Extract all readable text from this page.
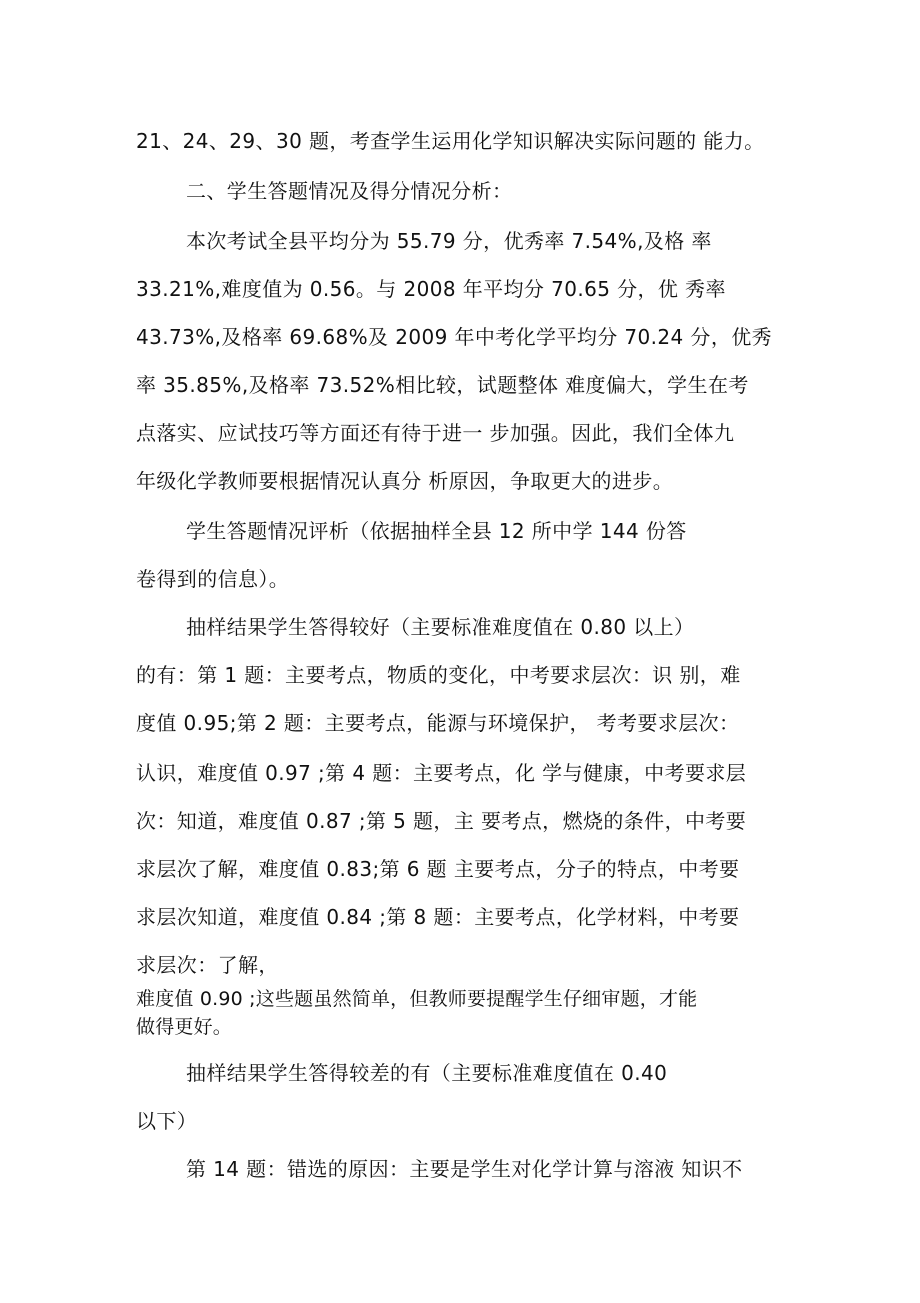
21、24、29、30 题，考查学生运用化学知识解决实际问题的 能力。
二、学生答题情况及得分情况分析：
本次考试全县平均分为 55.79 分，优秀率 7.54%,及格 率
33.21%,难度值为 0.56。与 2008 年平均分 70.65 分，优 秀率
43.73%,及格率 69.68%及 2009 年中考化学平均分 70.24 分，优秀
率 35.85%,及格率 73.52%相比较，试题整体 难度偏大，学生在考
点落实、应试技巧等方面还有待于进一 步加强。因此，我们全体九
年级化学教师要根据情况认真分 析原因，争取更大的进步。
学生答题情况评析（依据抽样全县 12 所中学 144 份答
卷得到的信息）。
抽样结果学生答得较好（主要标准难度值在 0.80 以上）
的有：第 1 题：主要考点，物质的变化，中考要求层次：识 别，难
度值 0.95;第 2 题：主要考点，能源与环境保护， 考考要求层次：
认识，难度值 0.97 ;第 4 题：主要考点，化 学与健康，中考要求层
次：知道，难度值 0.87 ;第 5 题，主 要考点，燃烧的条件，中考要
求层次了解，难度值 0.83;第 6 题 主要考点，分子的特点，中考要
求层次知道，难度值 0.84 ;第 8 题：主要考点，化学材料，中考要
求层次：了解，
难度值 0.90 ;这些题虽然简单，但教师要提醒学生仔细审题，才能
做得更好。
抽样结果学生答得较差的有（主要标准难度值在 0.40
以下）
第 14 题：错选的原因：主要是学生对化学计算与溶液 知识不
